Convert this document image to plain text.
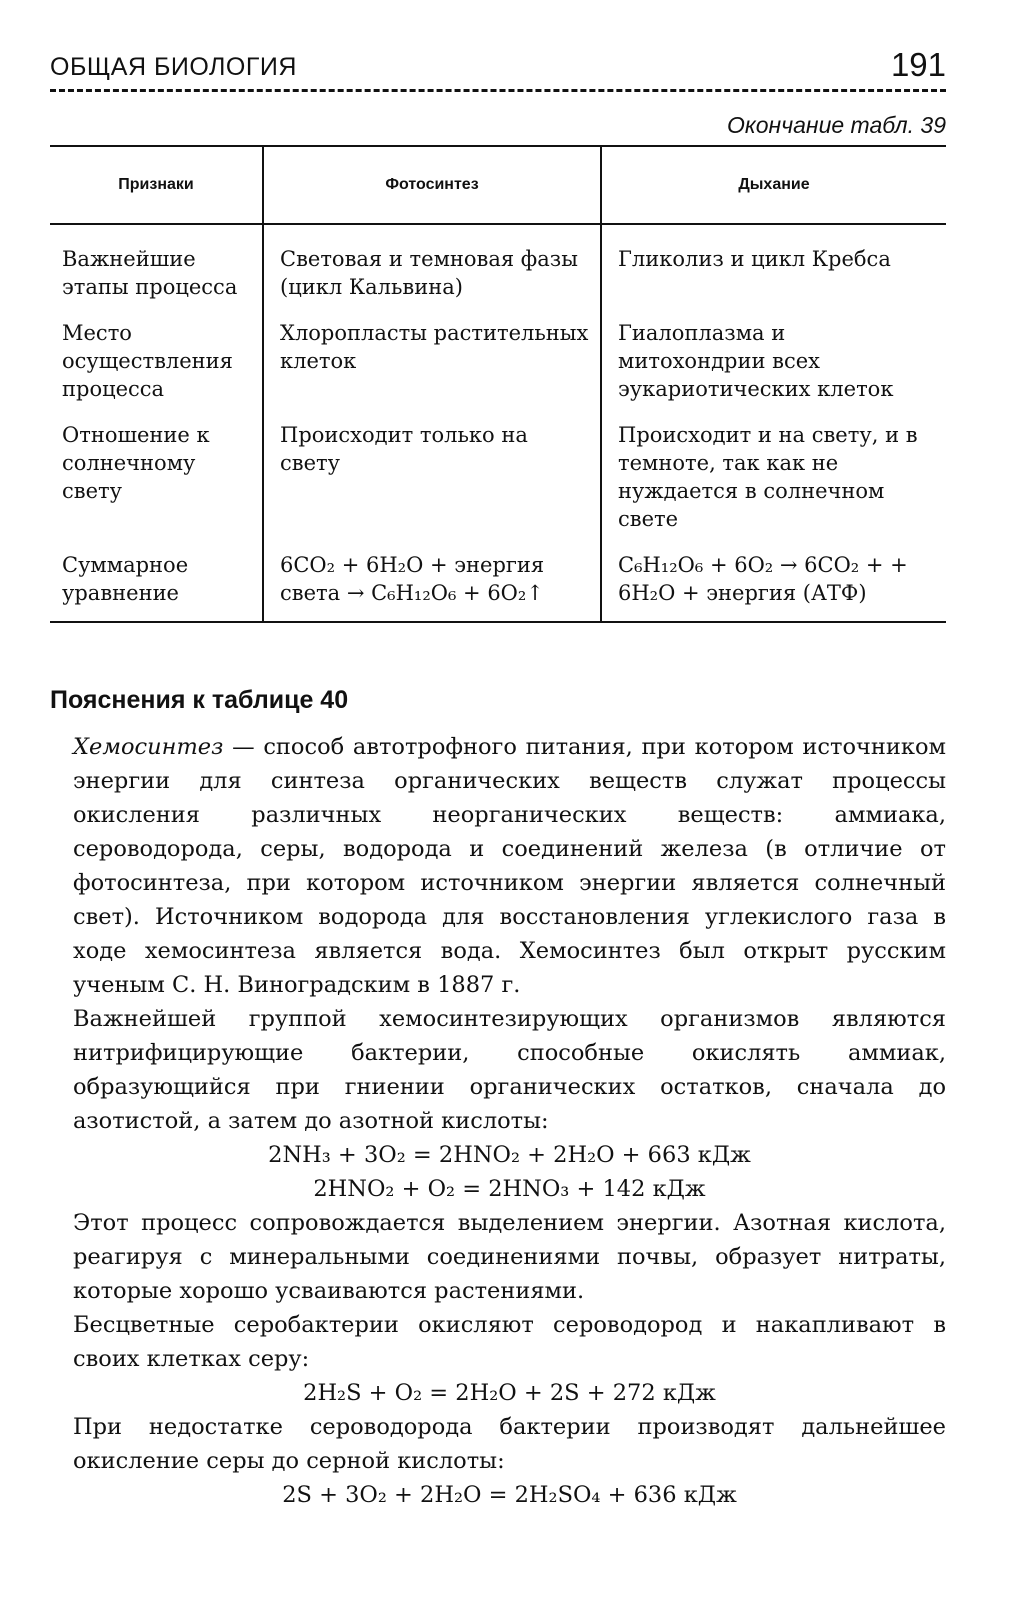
ОБЩАЯ БИОЛОГИЯ	191
Окончание табл. 39
Признаки	Фотосинтез	Дыхание
Важнейшие этапы процесса	Световая и темновая фазы (цикл Кальвина)	Гликолиз и цикл Кребса
Место осуществления процесса	Хлоропласты растительных клеток	Гиалоплазма и митохондрии всех эукариотических клеток
Отношение к солнечному свету	Происходит только на свету	Происходит и на свету, и в темноте, так как не нуждается в солнечном свете
Суммарное уравнение	6CO₂ + 6H₂O + энергия света → C₆H₁₂O₆ + 6O₂↑	C₆H₁₂O₆ + 6O₂ → 6CO₂ + + 6H₂O + энергия (АТФ)
Пояснения к таблице 40

Хемосинтез — способ автотрофного питания, при котором источником энергии для синтеза органических веществ служат процессы окисления различных неорганических веществ: аммиака, сероводорода, серы, водорода и соединений железа (в отличие от фотосинтеза, при котором источником энергии является солнечный свет). Источником водорода для восстановления углекислого газа в ходе хемосинтеза является вода. Хемосинтез был открыт русским ученым С. Н. Виноградским в 1887 г.

Важнейшей группой хемосинтезирующих организмов являются нитрифицирующие бактерии, способные окислять аммиак, образующийся при гниении органических остатков, сначала до азотистой, а затем до азотной кислоты:

2NH₃ + 3O₂ = 2HNO₂ + 2H₂O + 663 кДж

2HNO₂ + O₂ = 2HNO₃ + 142 кДж

Этот процесс сопровождается выделением энергии. Азотная кислота, реагируя с минеральными соединениями почвы, образует нитраты, которые хорошо усваиваются растениями.

Бесцветные серобактерии окисляют сероводород и накапливают в своих клетках серу:

2H₂S + O₂ = 2H₂O + 2S + 272 кДж

При недостатке сероводорода бактерии производят дальнейшее окисление серы до серной кислоты:

2S + 3O₂ + 2H₂O = 2H₂SO₄ + 636 кДж
